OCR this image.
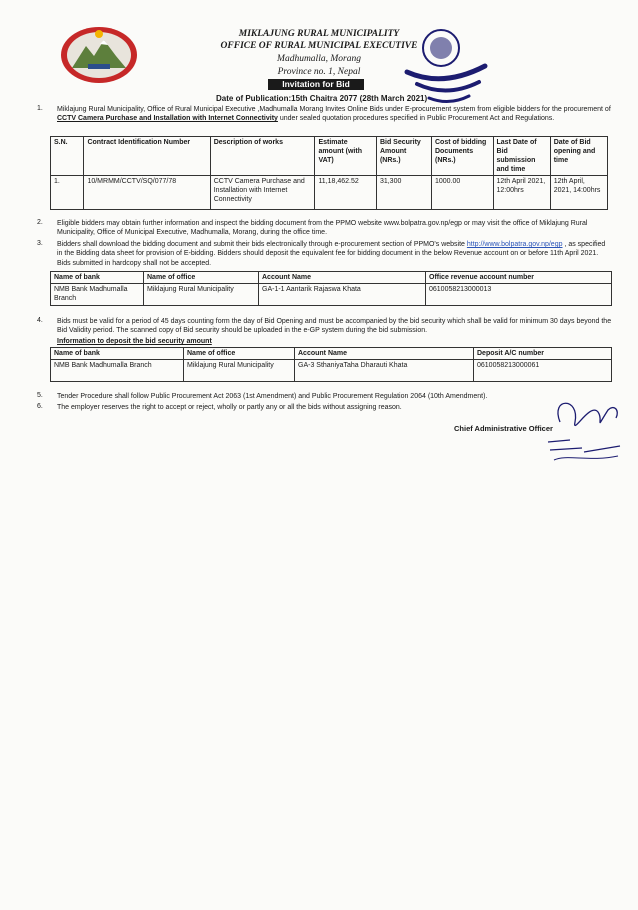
MIKLAJUNG RURAL MUNICIPALITY
OFFICE OF RURAL MUNICIPAL EXECUTIVE
Madhumalla, Morang
Province no. 1, Nepal
Invitation for Bid
Date of Publication:15th Chaitra 2077 (28th March 2021)
1. Miklajung Rural Municipality, Office of Rural Municipal Executive ,Madhumalla Morang Invites Online Bids under E-procurement system from eligible bidders for the procurement of CCTV Camera Purchase and Installation with Internet Connectivity under sealed quotation procedures specified in Public Procurement Act and Regulations.
S.N.	Contract Identification Number	Description of works	Estimate amount (with VAT)	Bid Security Amount (NRs.)	Cost of bidding Documents (NRs.)	Last Date of Bid submission and time	Date of Bid opening and time
1.	10/MRMM/CCTV/SQ/077/78	CCTV Camera Purchase and Installation with Internet Connectivity	11,18,462.52	31,300	1000.00	12th April 2021, 12:00hrs	12th April, 2021, 14:00hrs
2. Eligible bidders may obtain further information and inspect the bidding document from the PPMO website www.bolpatra.gov.np/egp or may visit the office of Miklajung Rural Municipality, Office of Municipal Executive, Madhumalla, Morang, during the office time.
3. Bidders shall download the bidding document and submit their bids electronically through e-procurement section of PPMO's website http://www.bolpatra.gov.np/egp , as specified in the Bidding data sheet for provision of E-bidding. Bidders should deposit the equivalent fee for bidding document in the below Revenue account on or before 11th April 2021. Bids submitted in hardcopy shall not be accepted.
Name of bank	Name of office	Account Name	Office revenue account number
NMB Bank Madhumalla Branch	Miklajung Rural Municipality	GA-1-1 Aantarik Rajaswa Khata	0610058213000013
4. Bids must be valid for a period of 45 days counting form the day of Bid Opening and must be accompanied by the bid security which shall be valid for minimum 30 days beyond the Bid Validity period. The scanned copy of Bid security should be uploaded in the e-GP system during the bid submission.
Information to deposit the bid security amount
Name of bank	Name of office	Account Name	Deposit A/C number
NMB Bank Madhumalla Branch	Miklajung Rural Municipality	GA-3 SthaniyaTaha Dharauti Khata	0610058213000061
5. Tender Procedure shall follow Public Procurement Act 2063 (1st Amendment) and Public Procurement Regulation 2064 (10th Amendment).
6. The employer reserves the right to accept or reject, wholly or partly any or all the bids without assigning reason.
Chief Administrative Officer
